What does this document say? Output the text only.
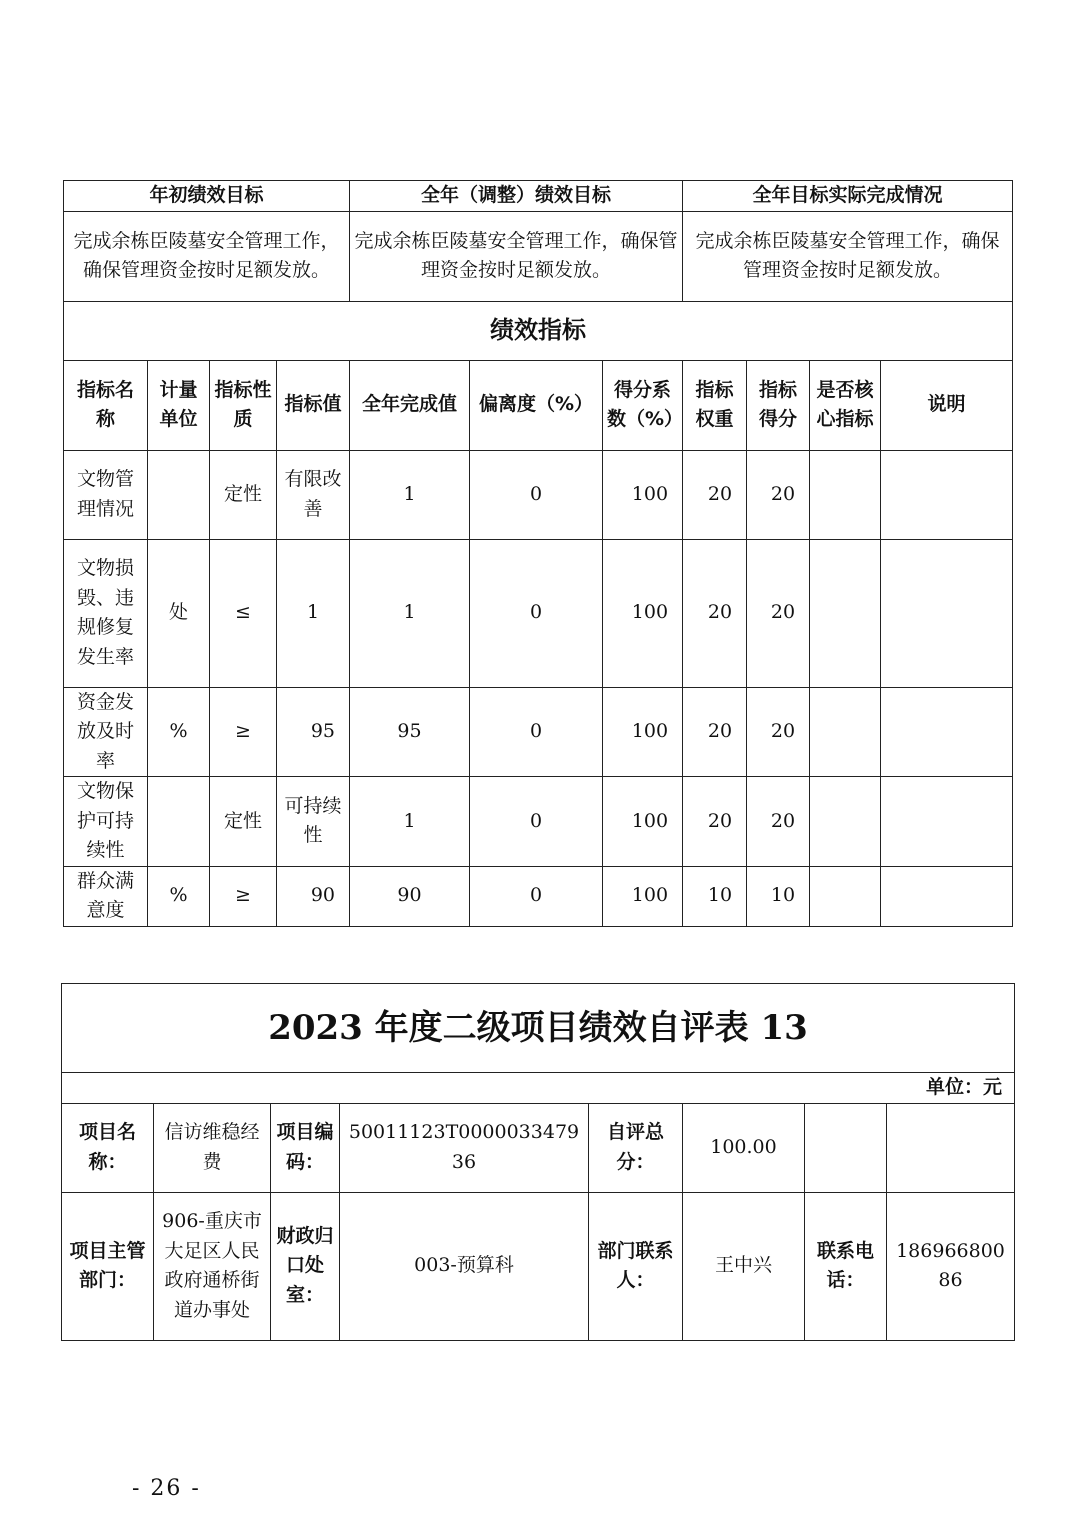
年初绩效目标				全年（调整）绩效目标			全年目标实际完成情况			
完成余栋臣陵墓安全管理工作，确保管理资金按时足额发放。				完成余栋臣陵墓安全管理工作，确保管理资金按时足额发放。			完成余栋臣陵墓安全管理工作，确保管理资金按时足额发放。			
绩效指标										
指标名称	计量单位	指标性质	指标值	全年完成值	偏离度（%）	得分系数（%）	指标权重	指标得分	是否核心指标	说明
文物管理情况		定性	有限改善	1	0	100	20	20		
文物损毁、违规修复发生率	处	≤	1	1	0	100	20	20		
资金发放及时率	%	≥	95	95	0	100	20	20		
文物保护可持续性		定性	可持续性	1	0	100	20	20		
群众满意度	%	≥	90	90	0	100	10	10		
2023 年度二级项目绩效自评表 13							
单位：元							
项目名称：	信访维稳经费	项目编码：	50011123T000003347936	自评总分：	100.00		
项目主管部门：	906-重庆市大足区人民政府通桥街道办事处	财政归口处室：	003-预算科	部门联系人：	王中兴	联系电话：	18696680086
- 26 -
